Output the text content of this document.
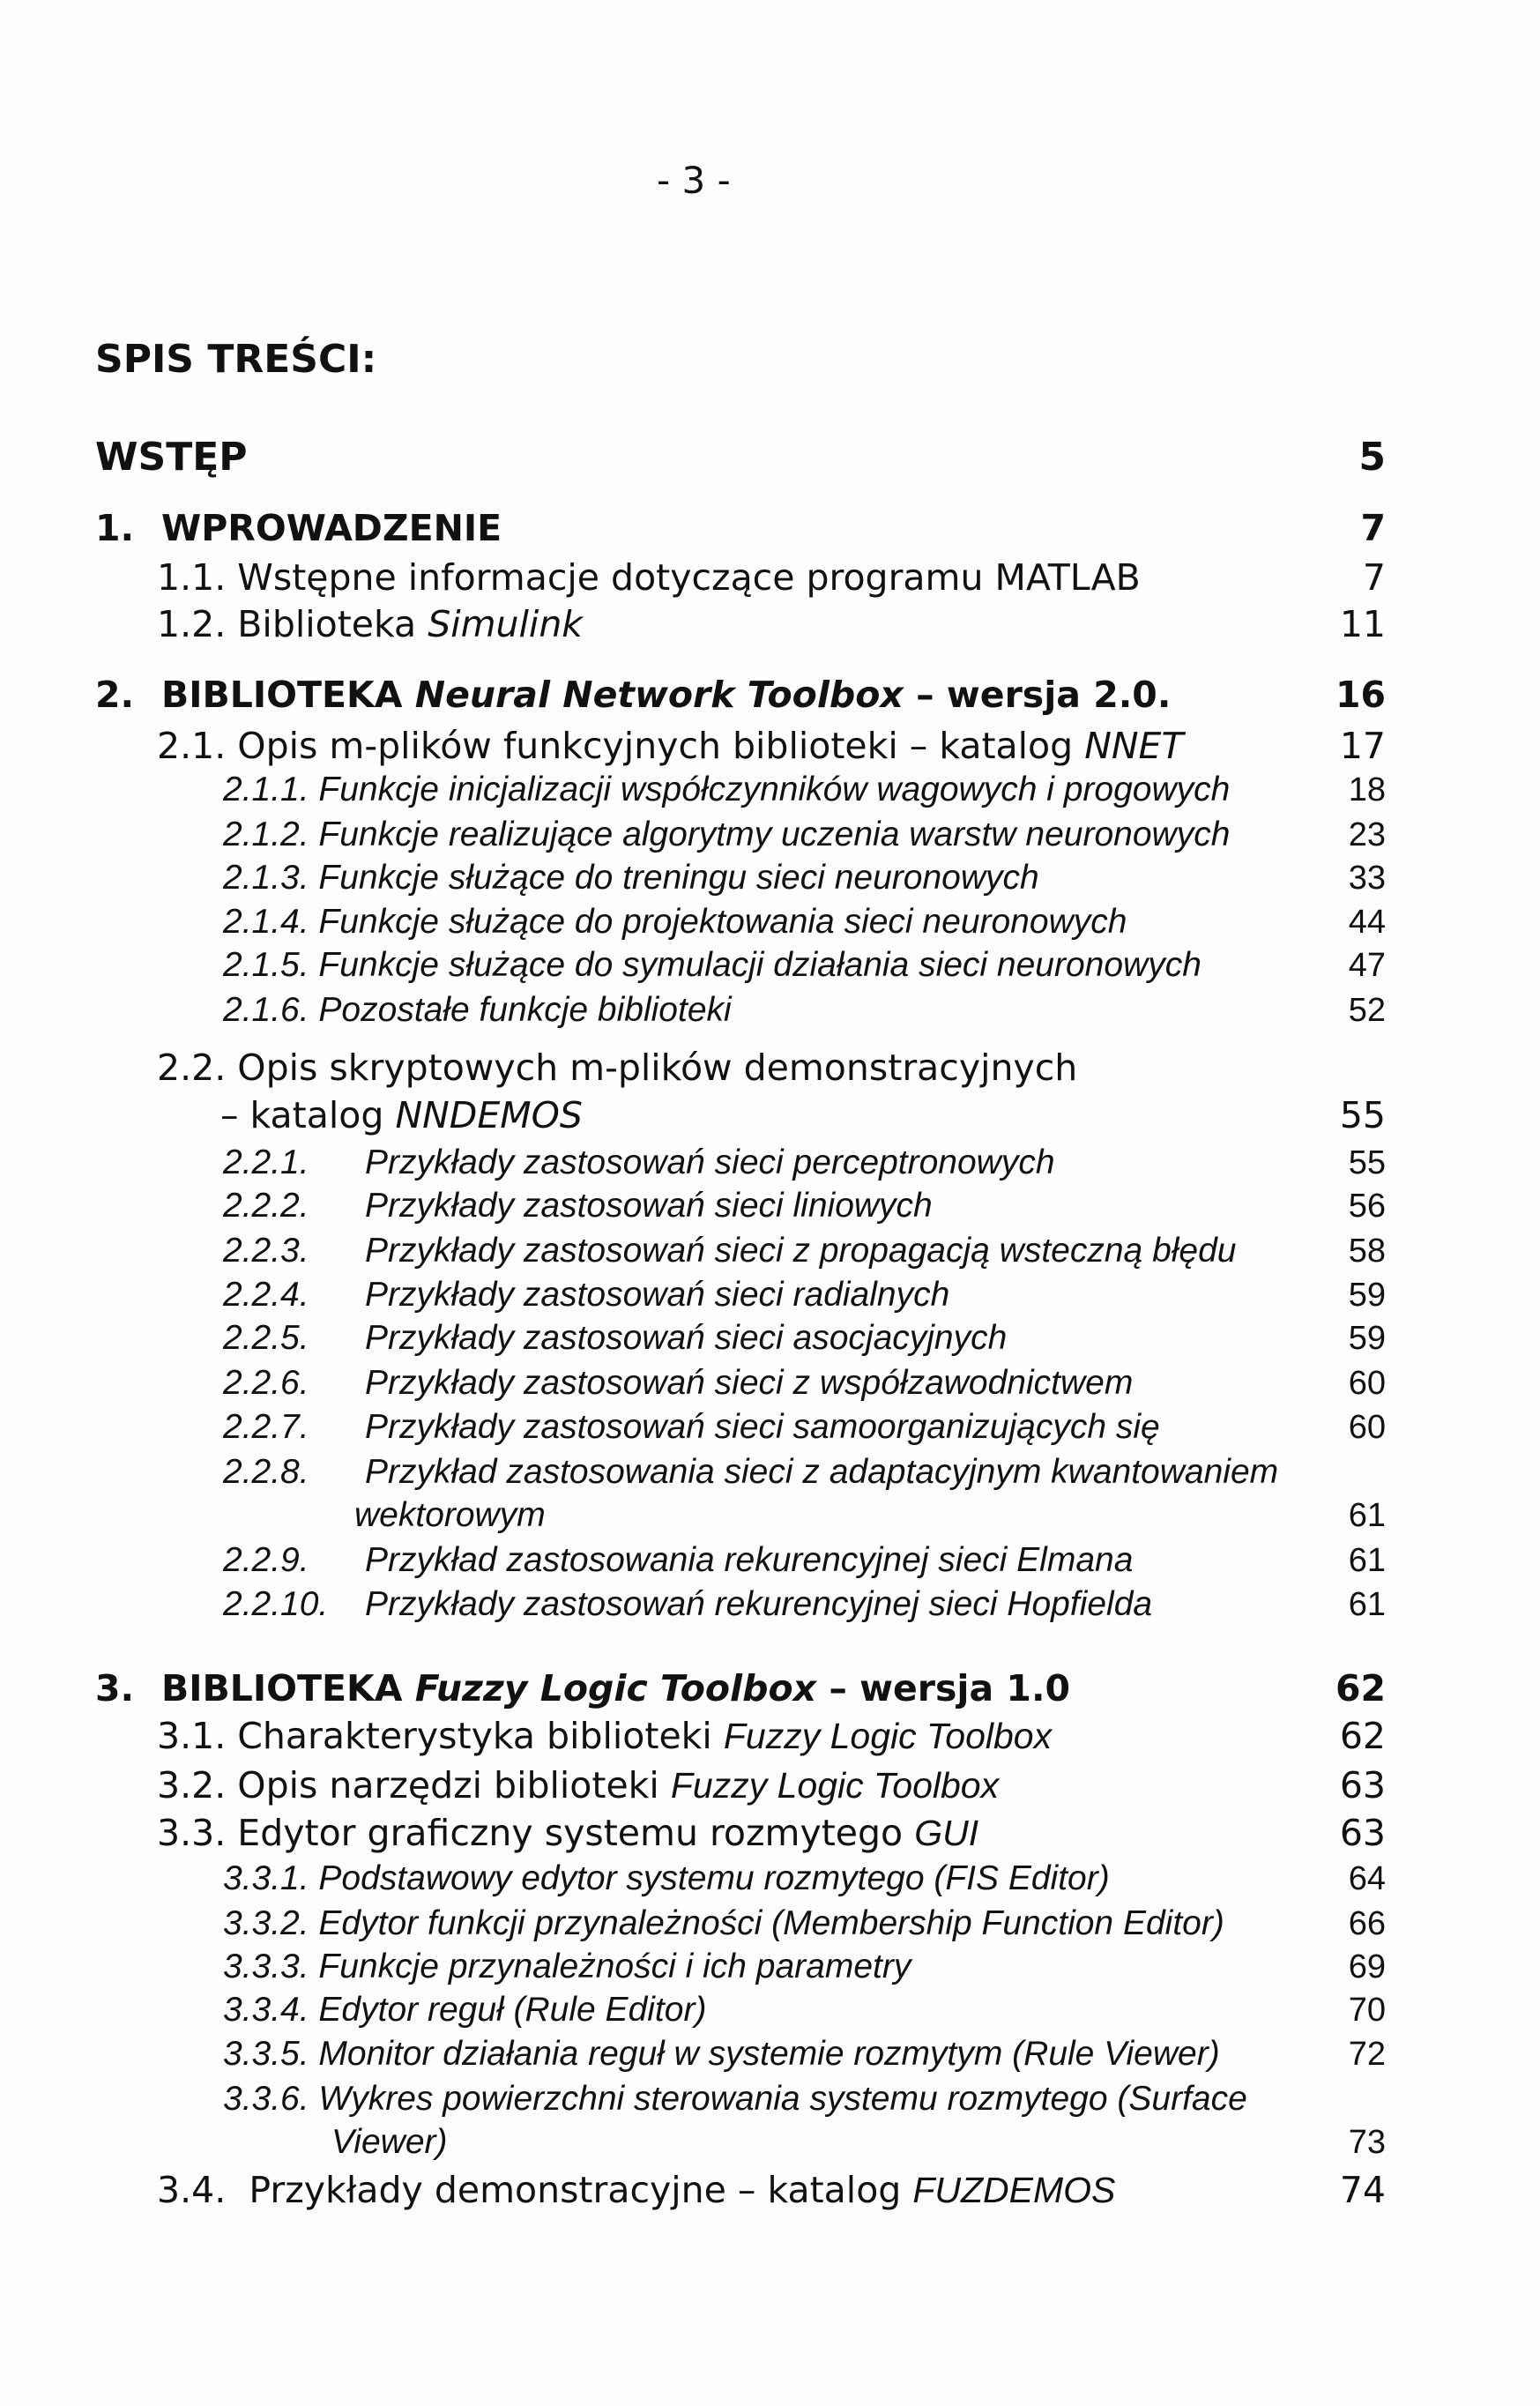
- 3 -
SPIS TREŚCI:
WSTĘP	5
1. WPROWADZENIE	7
1.1. Wstępne informacje dotyczące programu MATLAB	7
1.2. Biblioteka Simulink	11
2. BIBLIOTEKA Neural Network Toolbox – wersja 2.0.	16
2.1. Opis m-plików funkcyjnych biblioteki – katalog NNET	17
2.1.1. Funkcje inicjalizacji współczynników wagowych i progowych	18
2.1.2. Funkcje realizujące algorytmy uczenia warstw neuronowych	23
2.1.3. Funkcje służące do treningu sieci neuronowych	33
2.1.4. Funkcje służące do projektowania sieci neuronowych	44
2.1.5. Funkcje służące do symulacji działania sieci neuronowych	47
2.1.6. Pozostałe funkcje biblioteki	52
2.2. Opis skryptowych m-plików demonstracyjnych
– katalog NNDEMOS	55
2.2.1. Przykłady zastosowań sieci perceptronowych	55
2.2.2. Przykłady zastosowań sieci liniowych	56
2.2.3. Przykłady zastosowań sieci z propagacją wsteczną błędu	58
2.2.4. Przykłady zastosowań sieci radialnych	59
2.2.5. Przykłady zastosowań sieci asocjacyjnych	59
2.2.6. Przykłady zastosowań sieci z współzawodnictwem	60
2.2.7. Przykłady zastosowań sieci samoorganizujących się	60
2.2.8. Przykład zastosowania sieci z adaptacyjnym kwantowaniem
wektorowym	61
2.2.9. Przykład zastosowania rekurencyjnej sieci Elmana	61
2.2.10. Przykłady zastosowań rekurencyjnej sieci Hopfielda	61
3. BIBLIOTEKA Fuzzy Logic Toolbox – wersja 1.0	62
3.1. Charakterystyka biblioteki Fuzzy Logic Toolbox	62
3.2. Opis narzędzi biblioteki Fuzzy Logic Toolbox	63
3.3. Edytor graficzny systemu rozmytego GUI	63
3.3.1. Podstawowy edytor systemu rozmytego (FIS Editor)	64
3.3.2. Edytor funkcji przynależności (Membership Function Editor)	66
3.3.3. Funkcje przynależności i ich parametry	69
3.3.4. Edytor reguł (Rule Editor)	70
3.3.5. Monitor działania reguł w systemie rozmytym (Rule Viewer)	72
3.3.6. Wykres powierzchni sterowania systemu rozmytego (Surface
Viewer)	73
3.4. Przykłady demonstracyjne – katalog FUZDEMOS	74
